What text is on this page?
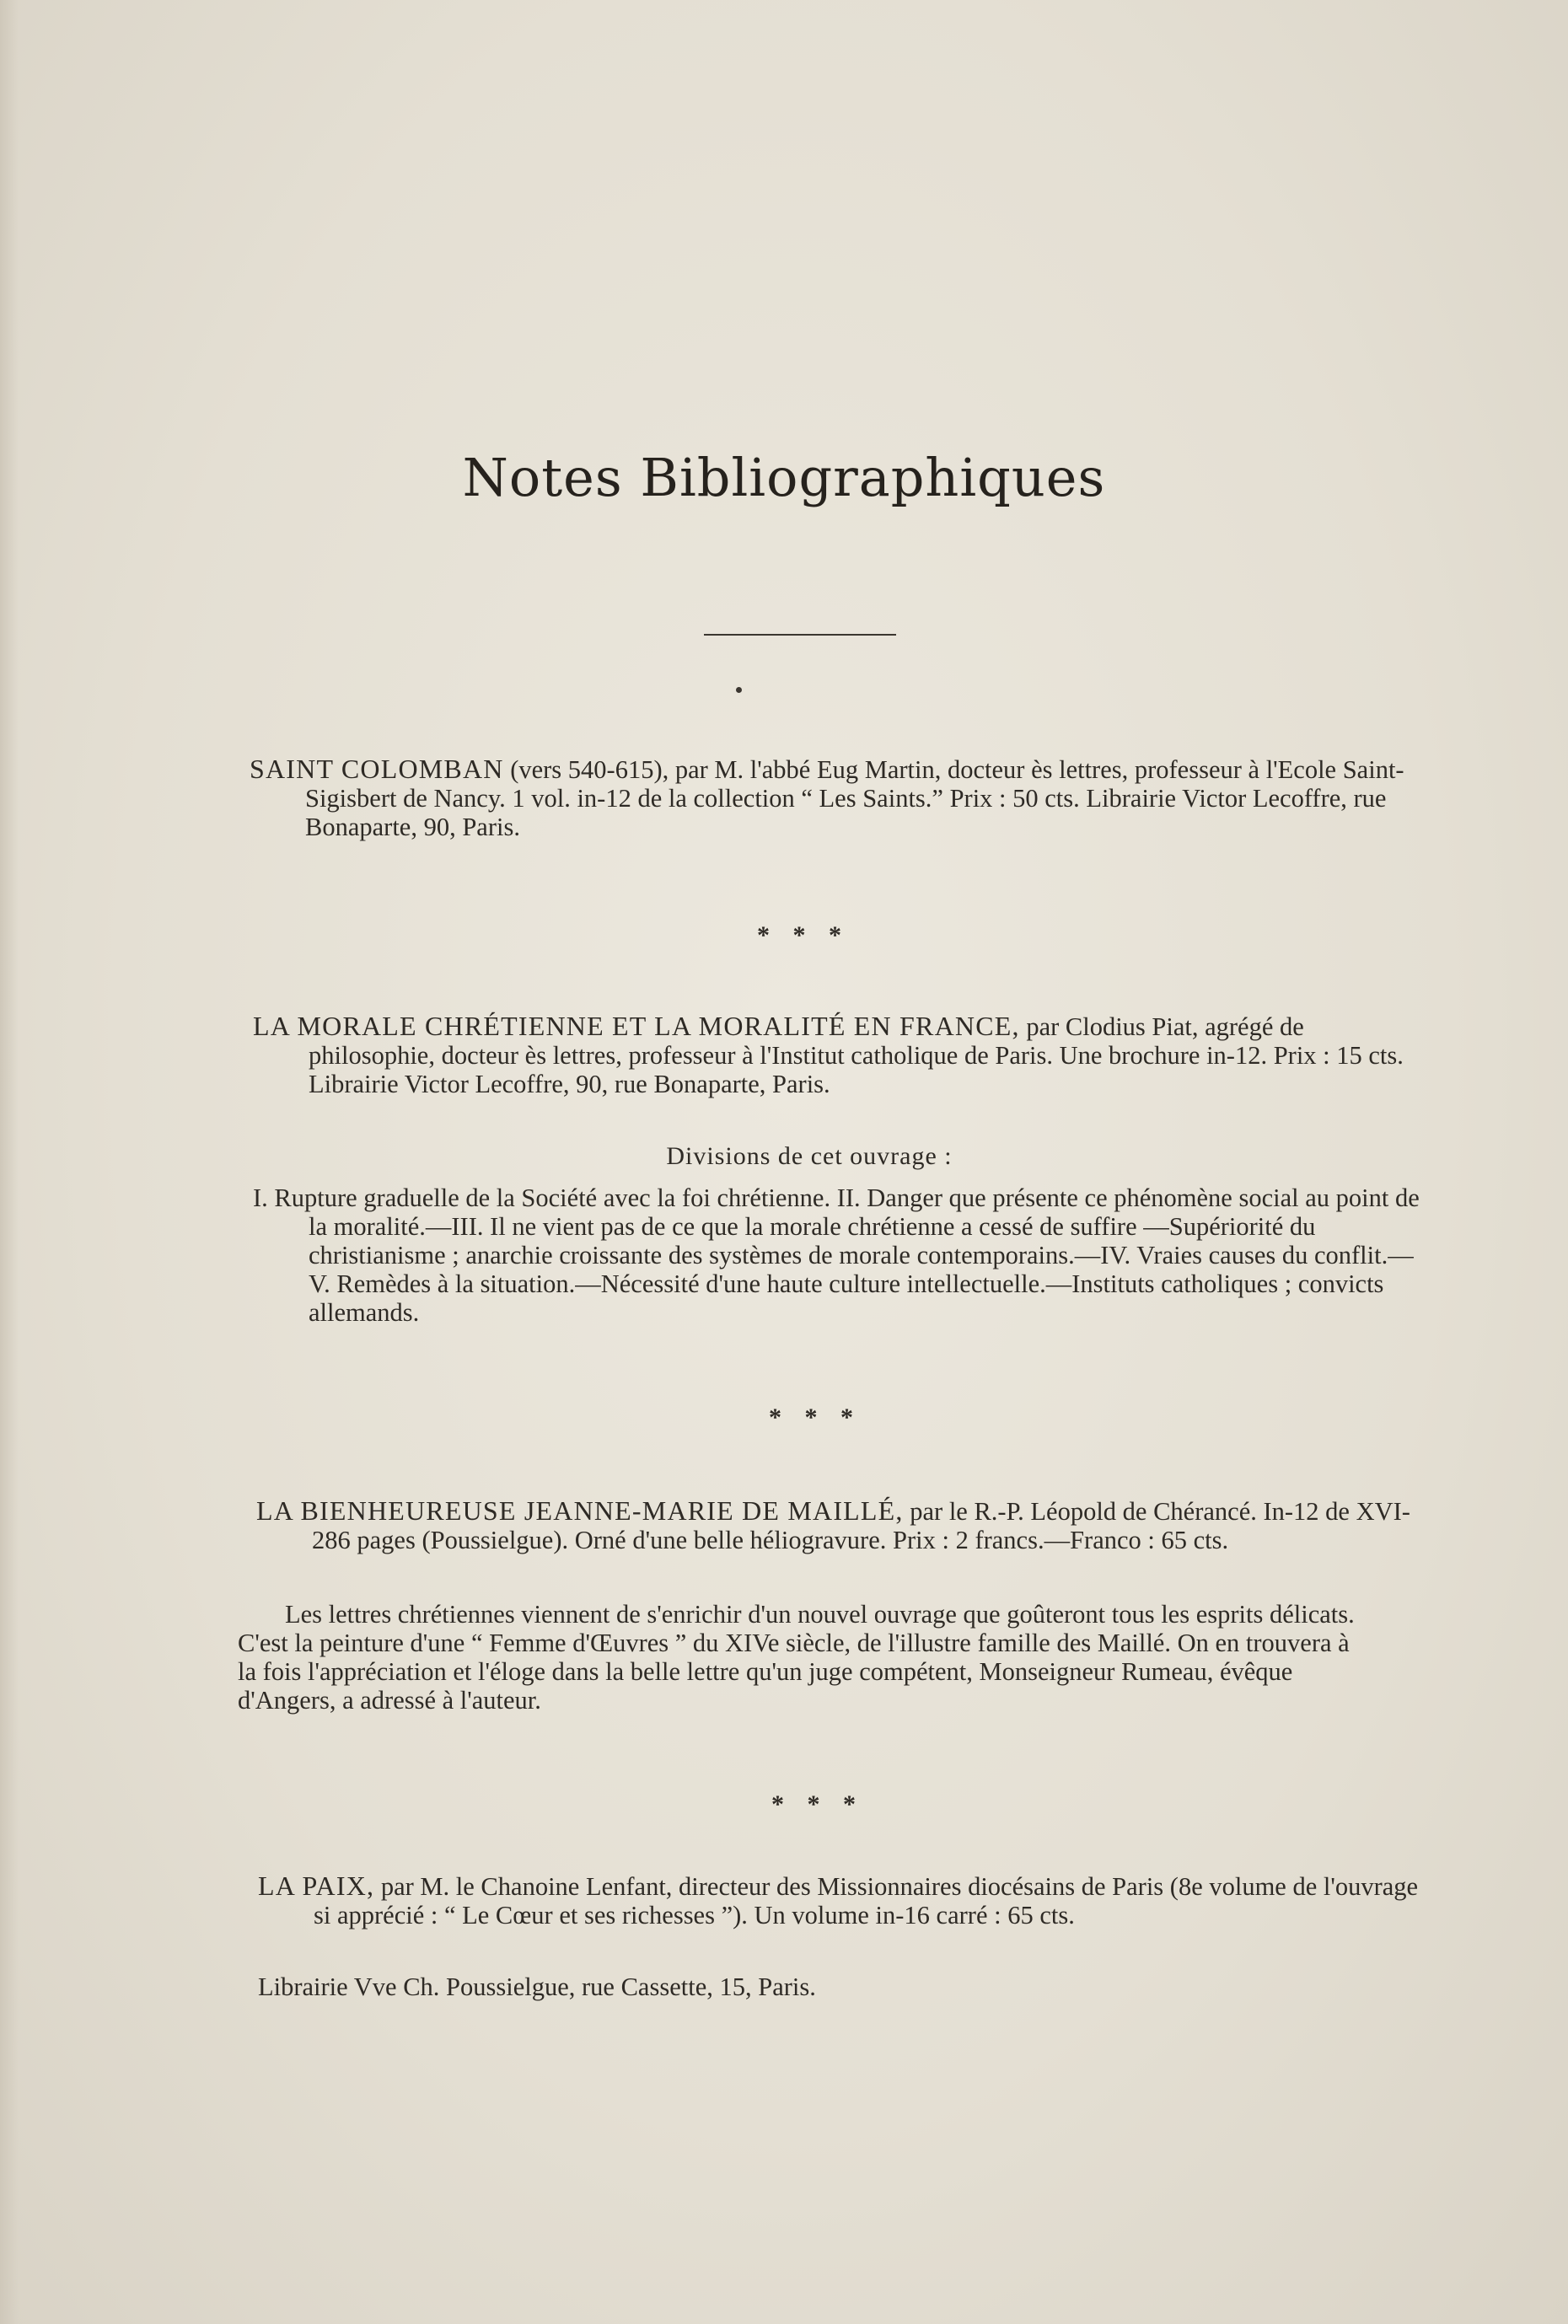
Notes Bibliographiques

SAINT COLOMBAN (vers 540-615), par M. l'abbé Eug Martin, docteur ès lettres, professeur à l'Ecole Saint-Sigisbert de Nancy. 1 vol. in-12 de la collection “ Les Saints.” Prix : 50 cts. Librairie Victor Lecoffre, rue Bonaparte, 90, Paris.

* * *

LA MORALE CHRÉTIENNE ET LA MORALITÉ EN FRANCE, par Clodius Piat, agrégé de philosophie, docteur ès lettres, professeur à l'Institut catholique de Paris. Une brochure in-12. Prix : 15 cts. Librairie Victor Lecoffre, 90, rue Bonaparte, Paris.

Divisions de cet ouvrage :

I. Rupture graduelle de la Société avec la foi chrétienne. II. Danger que présente ce phénomène social au point de la moralité.—III. Il ne vient pas de ce que la morale chrétienne a cessé de suffire —Supériorité du christianisme ; anarchie croissante des systèmes de morale contemporains.—IV. Vraies causes du conflit.—V. Remèdes à la situation.—Nécessité d'une haute culture intellectuelle.—Instituts catholiques ; convicts allemands.

* * *

LA BIENHEUREUSE JEANNE-MARIE DE MAILLÉ, par le R.-P. Léopold de Chérancé. In-12 de XVI-286 pages (Poussielgue). Orné d'une belle héliogravure. Prix : 2 francs.—Franco : 65 cts.

Les lettres chrétiennes viennent de s'enrichir d'un nouvel ouvrage que goûteront tous les esprits délicats. C'est la peinture d'une “ Femme d'Œuvres ” du XIVe siècle, de l'illustre famille des Maillé. On en trouvera à la fois l'appréciation et l'éloge dans la belle lettre qu'un juge compétent, Monseigneur Rumeau, évêque d'Angers, a adressé à l'auteur.

* * *

LA PAIX, par M. le Chanoine Lenfant, directeur des Missionnaires diocésains de Paris (8e volume de l'ouvrage si apprécié : “ Le Cœur et ses richesses ”). Un volume in-16 carré : 65 cts.

Librairie Vve Ch. Poussielgue, rue Cassette, 15, Paris.
